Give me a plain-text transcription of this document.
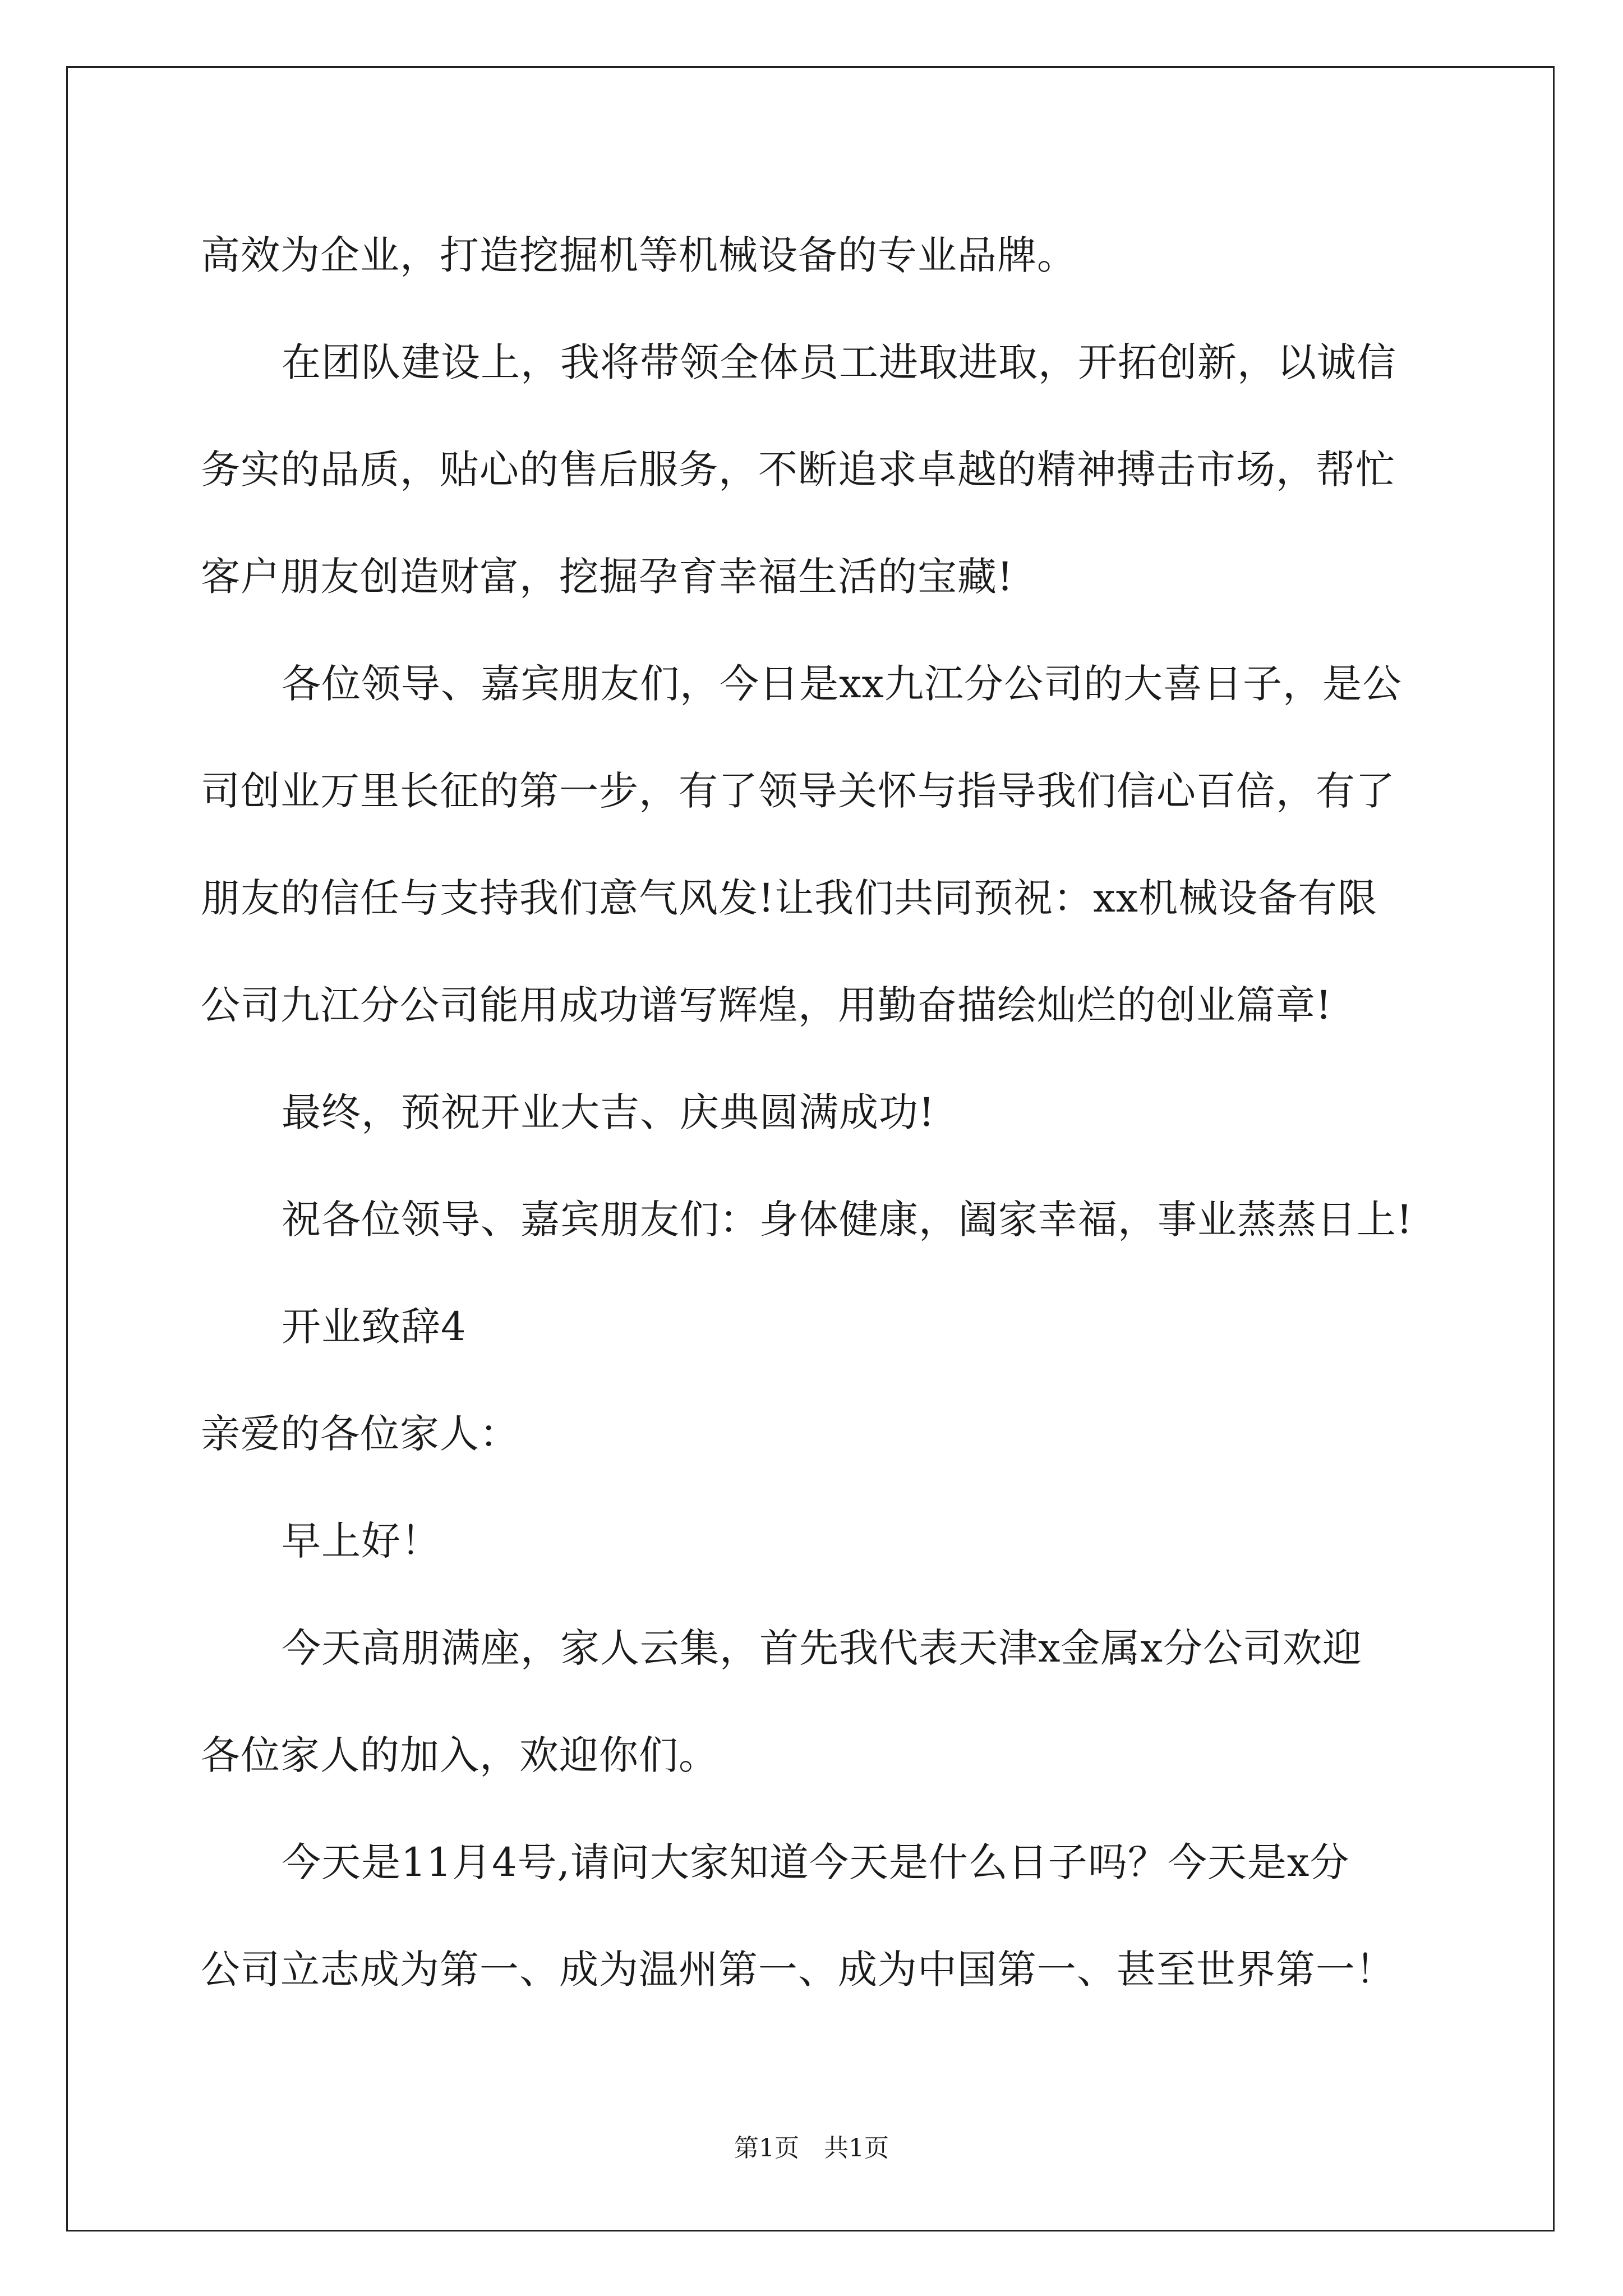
高效为企业，打造挖掘机等机械设备的专业品牌。

在团队建设上，我将带领全体员工进取进取，开拓创新，以诚信

务实的品质，贴心的售后服务，不断追求卓越的精神搏击市场，帮忙

客户朋友创造财富，挖掘孕育幸福生活的宝藏!

各位领导、嘉宾朋友们，今日是xx九江分公司的大喜日子，是公

司创业万里长征的第一步，有了领导关怀与指导我们信心百倍，有了

朋友的信任与支持我们意气风发!让我们共同预祝：xx机械设备有限

公司九江分公司能用成功谱写辉煌，用勤奋描绘灿烂的创业篇章!

最终，预祝开业大吉、庆典圆满成功!

祝各位领导、嘉宾朋友们：身体健康，阖家幸福，事业蒸蒸日上!

开业致辞4

亲爱的各位家人：

早上好！

今天高朋满座，家人云集，首先我代表天津x金属x分公司欢迎

各位家人的加入，欢迎你们。

今天是11月4号,请问大家知道今天是什么日子吗？今天是x分

公司立志成为第一、成为温州第一、成为中国第一、甚至世界第一！

第1页　共1页
